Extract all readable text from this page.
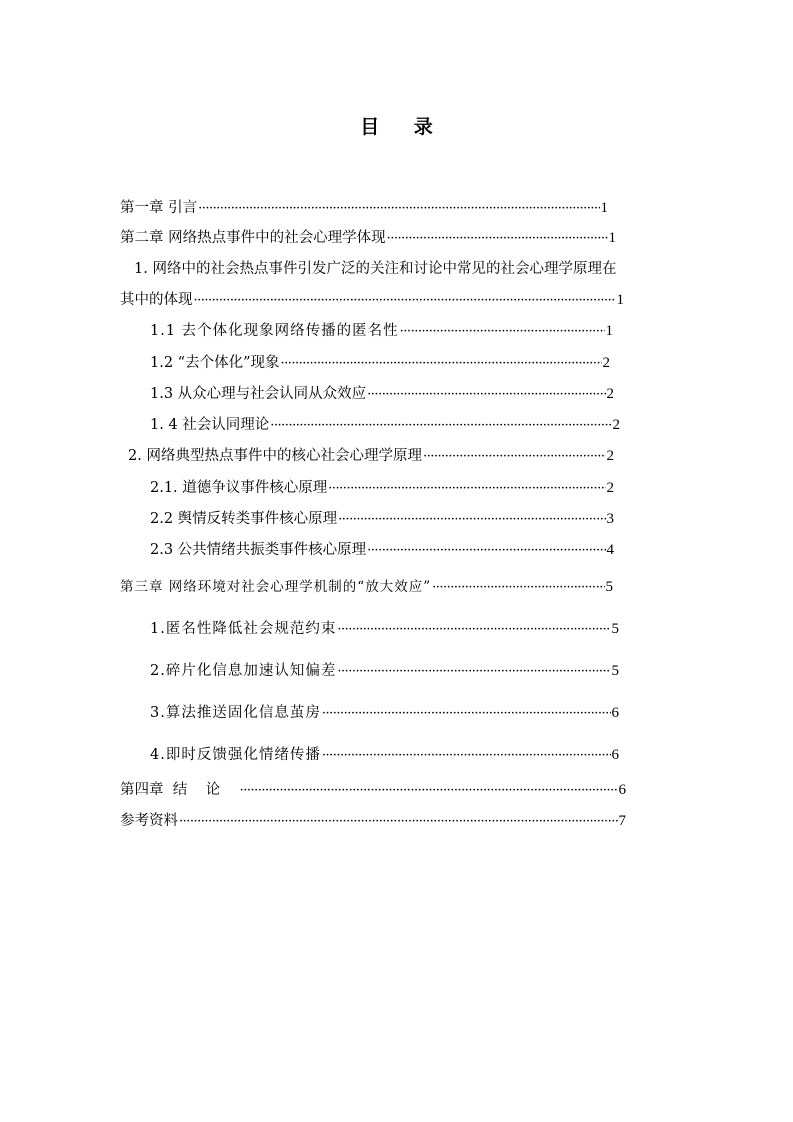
目 录
第一章 引言 ·····	1
第二章 网络热点事件中的社会心理学体现 ·····	1
1. 网络中的社会热点事件引发广泛的关注和讨论中常见的社会心理学原理在
其中的体现 ·····	1
1.1 去个体化现象网络传播的匿名性 ·····	1
1.2 “去个体化”现象 ·····	2
1.3 从众心理与社会认同从众效应 ·····	2
1. 4 社会认同理论 ·····	2
2. 网络典型热点事件中的核心社会心理学原理 ·····	2
2.1. 道德争议事件核心原理 ·····	2
2.2 舆情反转类事件核心原理 ·····	3
2.3 公共情绪共振类事件核心原理 ·····	4
第三章 网络环境对社会心理学机制的“放大效应” ·····	5
1.匿名性降低社会规范约束 ·····	5
2.碎片化信息加速认知偏差 ·····	5
3.算法推送固化信息茧房 ·····	6
4.即时反馈强化情绪传播 ·····	6
第四章  结    论 ·····	6
参考资料 ·····	7
